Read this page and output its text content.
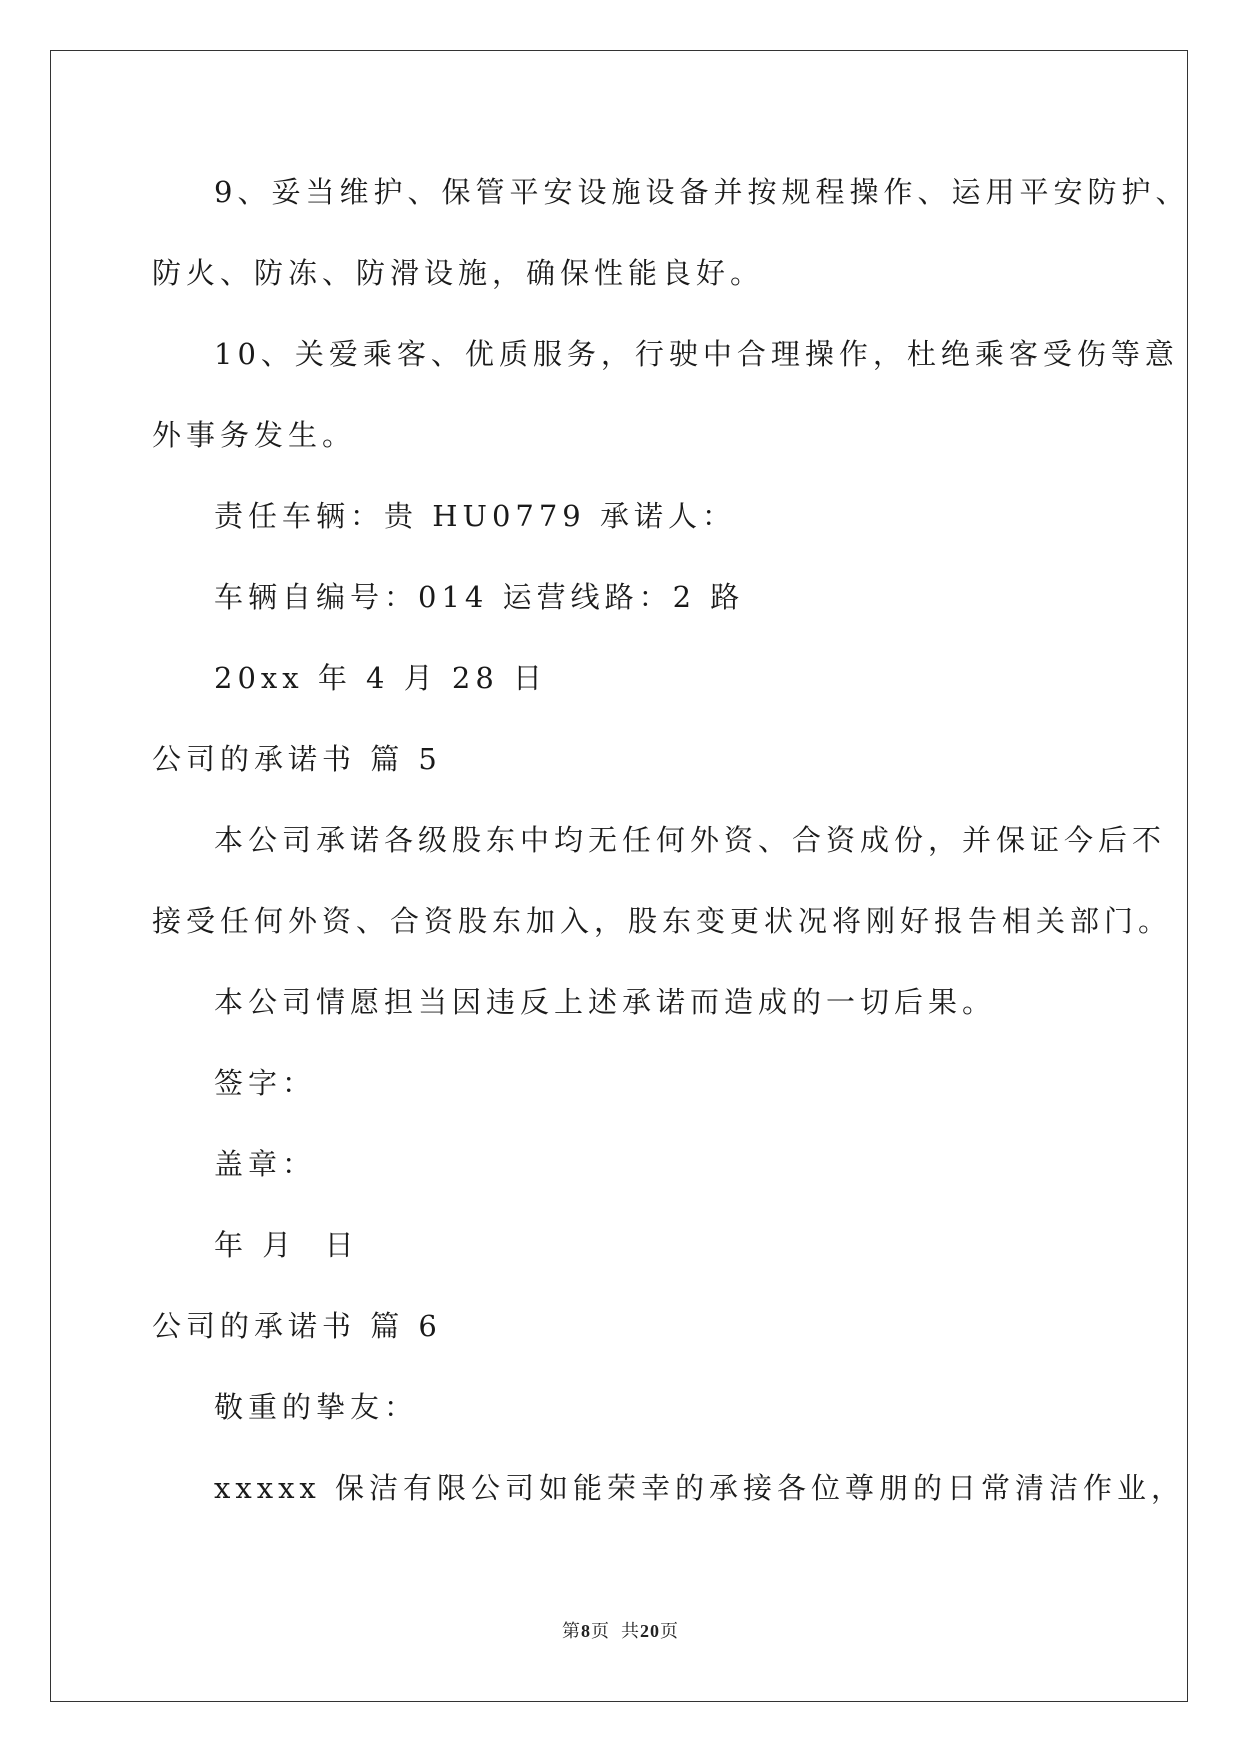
9、妥当维护、保管平安设施设备并按规程操作、运用平安防护、
防火、防冻、防滑设施，确保性能良好。
10、关爱乘客、优质服务，行驶中合理操作，杜绝乘客受伤等意
外事务发生。
责任车辆：贵 HU0779 承诺人：
车辆自编号：014 运营线路：2 路
20xx 年 4 月 28 日
公司的承诺书 篇 5
本公司承诺各级股东中均无任何外资、合资成份，并保证今后不
接受任何外资、合资股东加入，股东变更状况将刚好报告相关部门。
本公司情愿担当因违反上述承诺而造成的一切后果。
签字：
盖章：
年 月  日
公司的承诺书 篇 6
敬重的挚友：
xxxxx 保洁有限公司如能荣幸的承接各位尊朋的日常清洁作业，
第8页  共20页
